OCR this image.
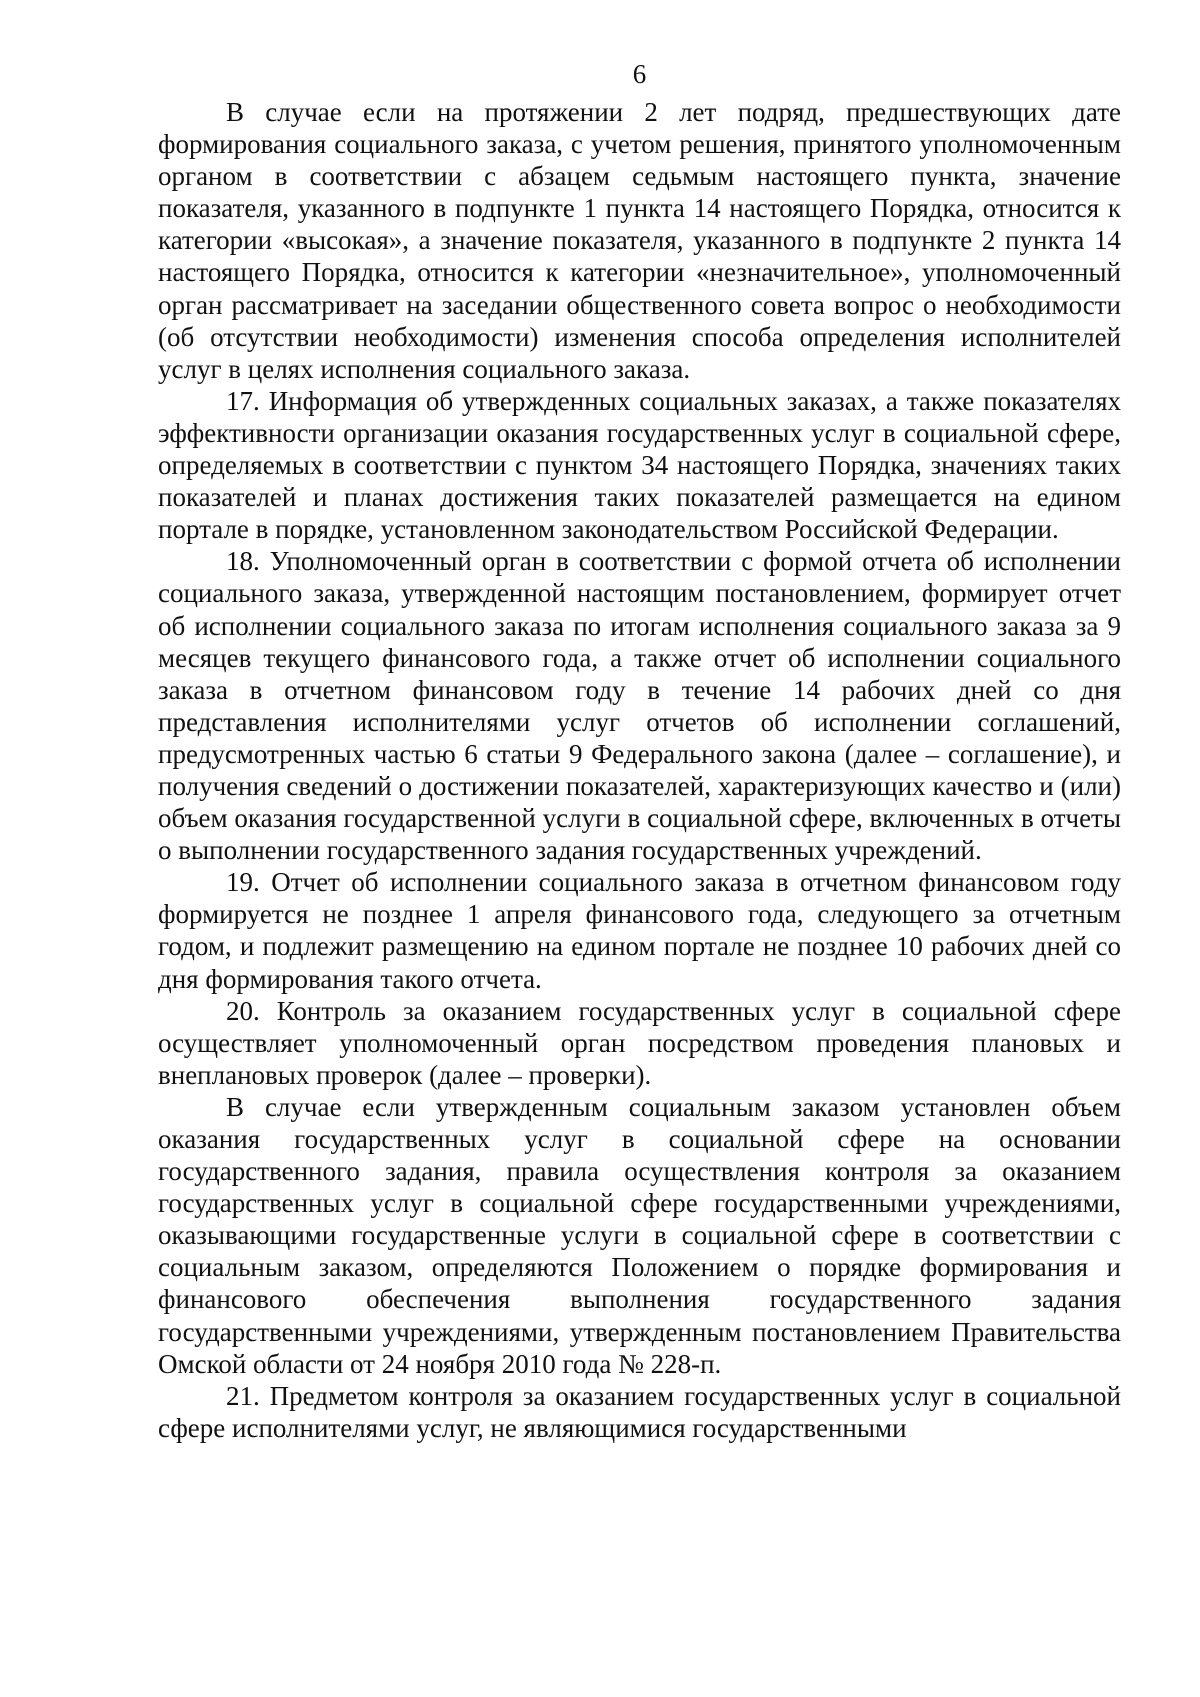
6

В случае если на протяжении 2 лет подряд, предшествующих дате формирования социального заказа, с учетом решения, принятого уполномоченным органом в соответствии с абзацем седьмым настоящего пункта, значение показателя, указанного в подпункте 1 пункта 14 настоящего Порядка, относится к категории «высокая», а значение показателя, указанного в подпункте 2 пункта 14 настоящего Порядка, относится к категории «незначительное», уполномоченный орган рассматривает на заседании общественного совета вопрос о необходимости (об отсутствии необходимости) изменения способа определения исполнителей услуг в целях исполнения социального заказа.

17. Информация об утвержденных социальных заказах, а также показателях эффективности организации оказания государственных услуг в социальной сфере, определяемых в соответствии с пунктом 34 настоящего Порядка, значениях таких показателей и планах достижения таких показателей размещается на едином портале в порядке, установленном законодательством Российской Федерации.

18. Уполномоченный орган в соответствии с формой отчета об исполнении социального заказа, утвержденной настоящим постановлением, формирует отчет об исполнении социального заказа по итогам исполнения социального заказа за 9 месяцев текущего финансового года, а также отчет об исполнении социального заказа в отчетном финансовом году в течение 14 рабочих дней со дня представления исполнителями услуг отчетов об исполнении соглашений, предусмотренных частью 6 статьи 9 Федерального закона (далее – соглашение), и получения сведений о достижении показателей, характеризующих качество и (или) объем оказания государственной услуги в социальной сфере, включенных в отчеты о выполнении государственного задания государственных учреждений.

19. Отчет об исполнении социального заказа в отчетном финансовом году формируется не позднее 1 апреля финансового года, следующего за отчетным годом, и подлежит размещению на едином портале не позднее 10 рабочих дней со дня формирования такого отчета.

20. Контроль за оказанием государственных услуг в социальной сфере осуществляет уполномоченный орган посредством проведения плановых и внеплановых проверок (далее – проверки).

В случае если утвержденным социальным заказом установлен объем оказания государственных услуг в социальной сфере на основании государственного задания, правила осуществления контроля за оказанием государственных услуг в социальной сфере государственными учреждениями, оказывающими государственные услуги в социальной сфере в соответствии с социальным заказом, определяются Положением о порядке формирования и финансового обеспечения выполнения государственного задания государственными учреждениями, утвержденным постановлением Правительства Омской области от 24 ноября 2010 года № 228-п.

21. Предметом контроля за оказанием государственных услуг в социальной сфере исполнителями услуг, не являющимися государственными
